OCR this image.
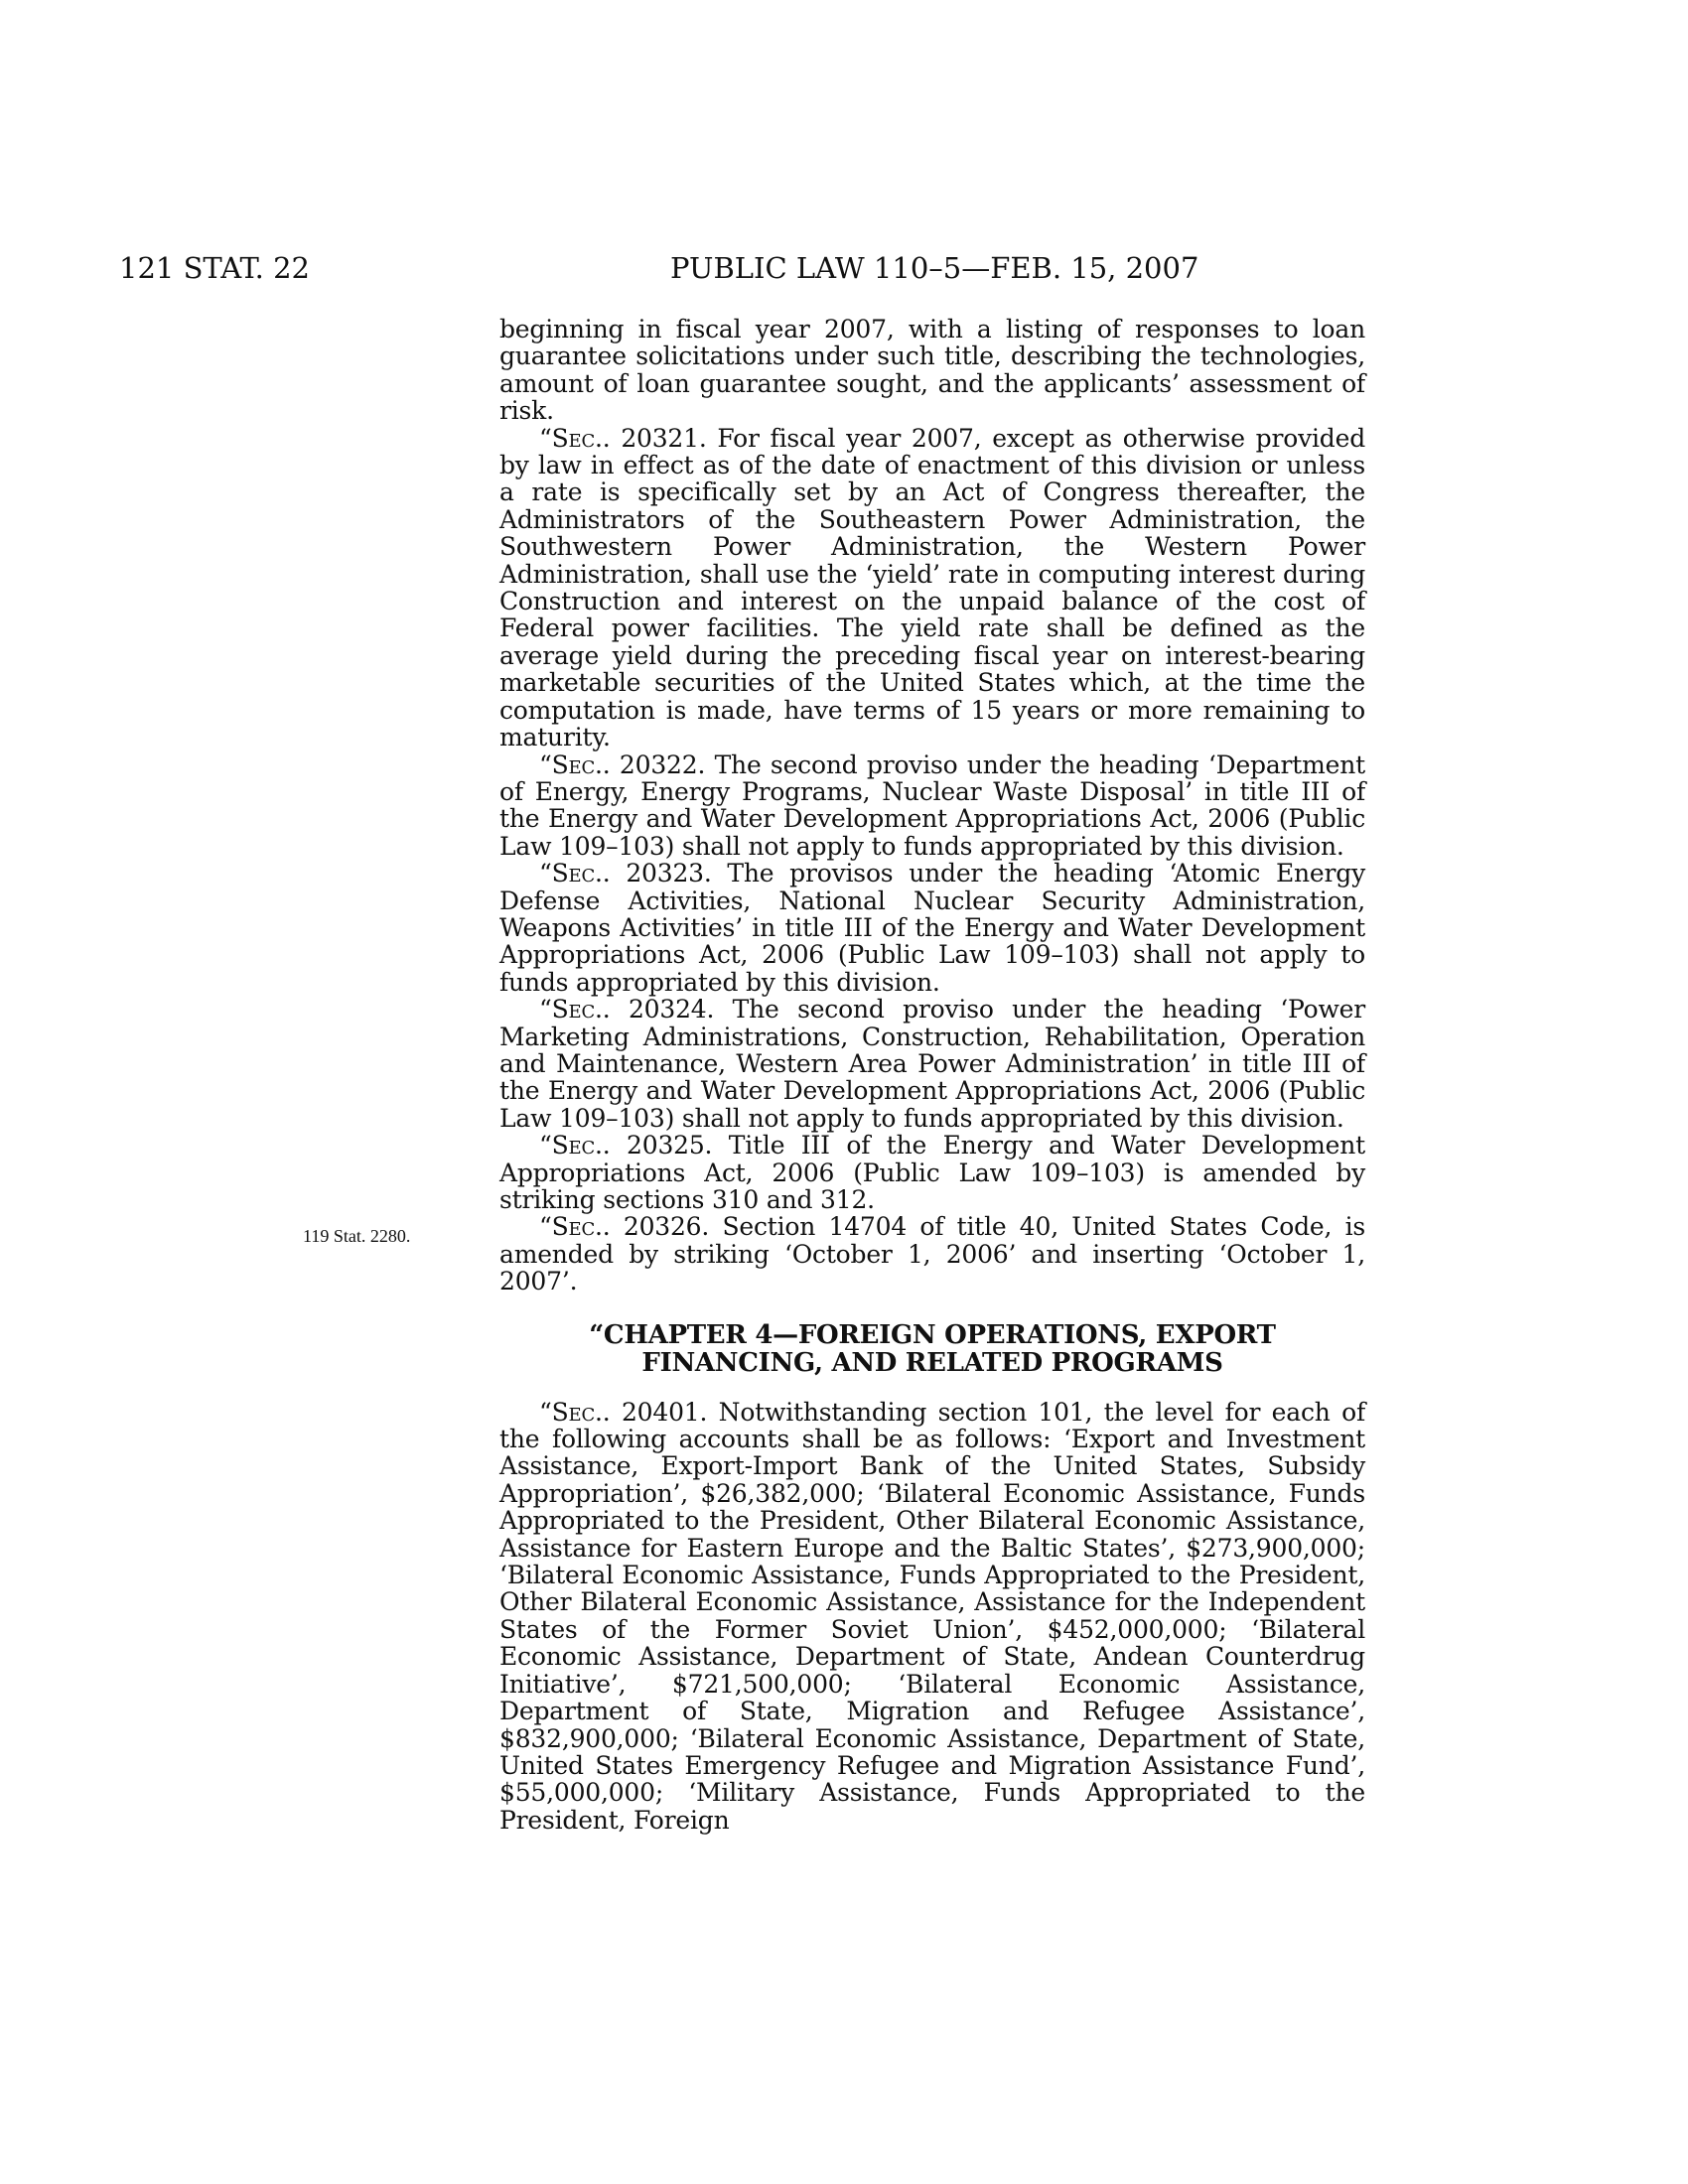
121 STAT. 22	PUBLIC LAW 110–5—FEB. 15, 2007
119 Stat. 2280.

beginning in fiscal year 2007, with a listing of responses to loan guarantee solicitations under such title, describing the technologies, amount of loan guarantee sought, and the applicants’ assessment of risk.

“Sec.. 20321. For fiscal year 2007, except as otherwise provided by law in effect as of the date of enactment of this division or unless a rate is specifically set by an Act of Congress thereafter, the Administrators of the Southeastern Power Administration, the Southwestern Power Administration, the Western Power Administration, shall use the ‘yield’ rate in computing interest during Construction and interest on the unpaid balance of the cost of Federal power facilities. The yield rate shall be defined as the average yield during the preceding fiscal year on interest-bearing marketable securities of the United States which, at the time the computation is made, have terms of 15 years or more remaining to maturity.

“Sec.. 20322. The second proviso under the heading ‘Department of Energy, Energy Programs, Nuclear Waste Disposal’ in title III of the Energy and Water Development Appropriations Act, 2006 (Public Law 109–103) shall not apply to funds appropriated by this division.

“Sec.. 20323. The provisos under the heading ‘Atomic Energy Defense Activities, National Nuclear Security Administration, Weapons Activities’ in title III of the Energy and Water Development Appropriations Act, 2006 (Public Law 109–103) shall not apply to funds appropriated by this division.

“Sec.. 20324. The second proviso under the heading ‘Power Marketing Administrations, Construction, Rehabilitation, Operation and Maintenance, Western Area Power Administration’ in title III of the Energy and Water Development Appropriations Act, 2006 (Public Law 109–103) shall not apply to funds appropriated by this division.

“Sec.. 20325. Title III of the Energy and Water Development Appropriations Act, 2006 (Public Law 109–103) is amended by striking sections 310 and 312.

“Sec.. 20326. Section 14704 of title 40, United States Code, is amended by striking ‘October 1, 2006’ and inserting ‘October 1, 2007’.

“CHAPTER 4—FOREIGN OPERATIONS, EXPORT
FINANCING, AND RELATED PROGRAMS

“Sec.. 20401. Notwithstanding section 101, the level for each of the following accounts shall be as follows: ‘Export and Investment Assistance, Export-Import Bank of the United States, Subsidy Appropriation’, $26,382,000; ‘Bilateral Economic Assistance, Funds Appropriated to the President, Other Bilateral Economic Assistance, Assistance for Eastern Europe and the Baltic States’, $273,900,000; ‘Bilateral Economic Assistance, Funds Appropriated to the President, Other Bilateral Economic Assistance, Assistance for the Independent States of the Former Soviet Union’, $452,000,000; ‘Bilateral Economic Assistance, Department of State, Andean Counterdrug Initiative’, $721,500,000; ‘Bilateral Economic Assistance, Department of State, Migration and Refugee Assistance’, $832,900,000; ‘Bilateral Economic Assistance, Department of State, United States Emergency Refugee and Migration Assistance Fund’, $55,000,000; ‘Military Assistance, Funds Appropriated to the President, Foreign
